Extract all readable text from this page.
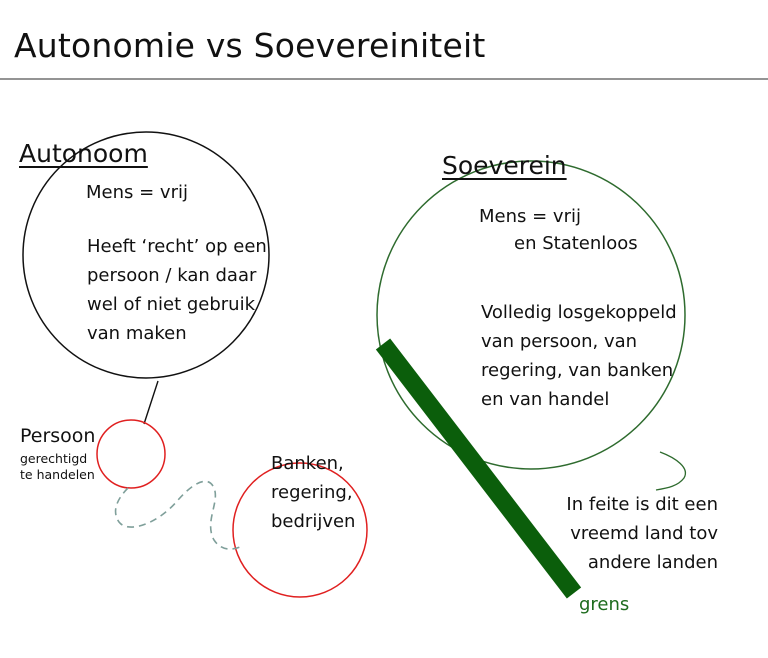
Autonomie vs Soevereiniteit
Autonoom
Mens = vrij
Heeft ‘recht’ op een
persoon / kan daar
wel of niet gebruik
van maken
Persoon
gerechtigd
te handelen
Banken,
regering,
bedrijven
Soeverein
Mens = vrij
en Statenloos
Volledig losgekoppeld
van persoon, van
regering, van banken
en van handel
In feite is dit een
vreemd land tov
andere landen
grens
